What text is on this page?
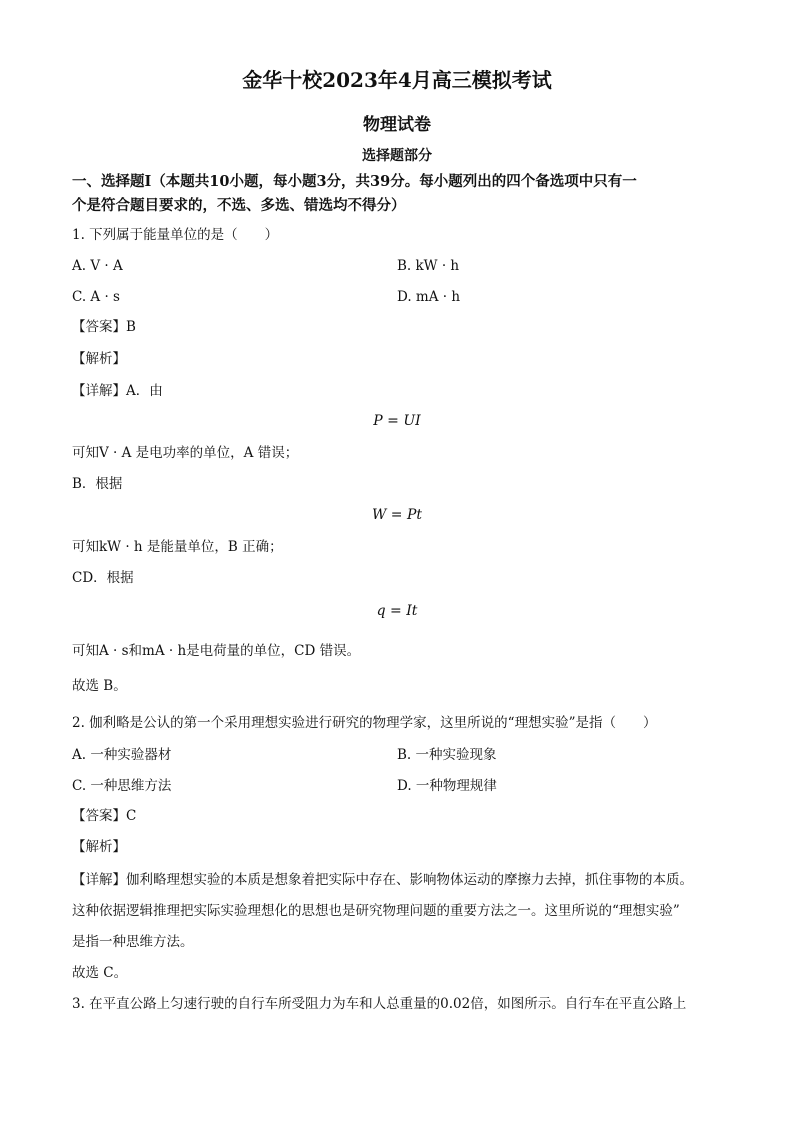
金华十校2023年4月高三模拟考试
物理试卷
选择题部分
一、选择题Ⅰ（本题共10小题，每小题3分，共39分。每小题列出的四个备选项中只有一
个是符合题目要求的，不选、多选、错选均不得分）
1. 下列属于能量单位的是（　　）
A. V · A	B. kW · h
C. A · s	D. mA · h
【答案】B
【解析】
【详解】A．由
P = UI
可知V · A 是电功率的单位，A 错误；
B．根据
W = Pt
可知kW · h 是能量单位，B 正确；
CD．根据
q = It
可知A · s和mA · h是电荷量的单位，CD 错误。
故选 B。
2. 伽利略是公认的第一个采用理想实验进行研究的物理学家，这里所说的“理想实验”是指（　　）
A. 一种实验器材	B. 一种实验现象
C. 一种思维方法	D. 一种物理规律
【答案】C
【解析】
【详解】伽利略理想实验的本质是想象着把实际中存在、影响物体运动的摩擦力去掉，抓住事物的本质。
这种依据逻辑推理把实际实验理想化的思想也是研究物理问题的重要方法之一。这里所说的“理想实验”
是指一种思维方法。
故选 C。
3. 在平直公路上匀速行驶的自行车所受阻力为车和人总重量的0.02倍，如图所示。自行车在平直公路上
